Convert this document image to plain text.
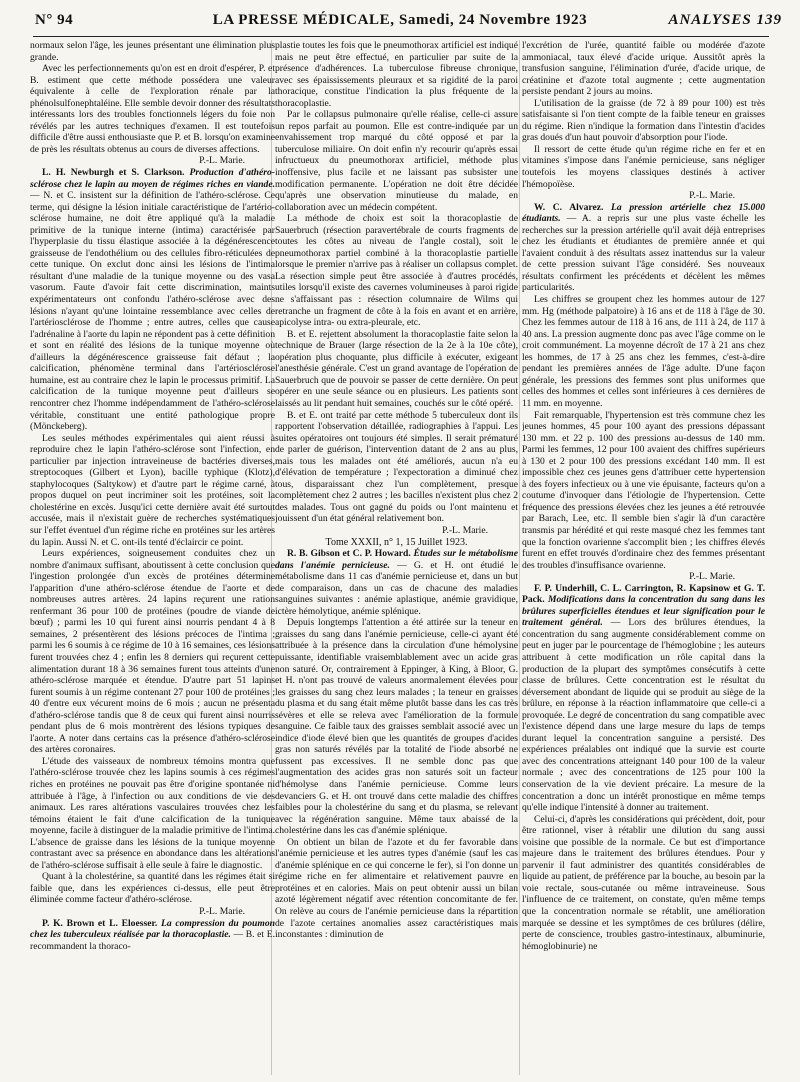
N° 94	LA PRESSE MÉDICALE, Samedi, 24 Novembre 1923	ANALYSES 139

normaux selon l'âge, les jeunes présentant une élimination plus grande.

Avec les perfectionnements qu'on est en droit d'espérer, P. et B. estiment que cette méthode possédera une valeur équivalente à celle de l'exploration rénale par la phénolsulfonephtaléine. Elle semble devoir donner des résultats intéressants lors des troubles fonctionnels légers du foie non révélés par les autres techniques d'examen. Il est toutefois difficile d'être aussi enthousiaste que P. et B. lorsqu'on examine de près les résultats obtenus au cours de diverses affections.

P.-L. Marie.

L. H. Newburgh et S. Clarkson. Production d'athéro-sclérose chez le lapin au moyen de régimes riches en viande. — N. et C. insistent sur la définition de l'athéro-sclérose. Ce terme, qui désigne la lésion initiale caractéristique de l'artério-sclérose humaine, ne doit être appliqué qu'à la maladie primitive de la tunique interne (intima) caractérisée par l'hyperplasie du tissu élastique associée à la dégénérescence graisseuse de l'endothélium ou des cellules fibro-réticulées de cette tunique. On exclut donc ainsi les lésions de l'intima résultant d'une maladie de la tunique moyenne ou des vasa vasorum. Faute d'avoir fait cette discrimination, maints expérimentateurs ont confondu l'athéro-sclérose avec des lésions n'ayant qu'une lointaine ressemblance avec celles de l'artériosclérose de l'homme ; entre autres, celles que cause l'adrénaline à l'aorte du lapin ne répondent pas à cette définition et sont en réalité des lésions de la tunique moyenne où d'ailleurs la dégénérescence graisseuse fait défaut ; la calcification, phénomène terminal dans l'artériosclérose humaine, est au contraire chez le lapin le processus primitif. La calcification de la tunique moyenne peut d'ailleurs se rencontrer chez l'homme indépendamment de l'athéro-sclérose véritable, constituant une entité pathologique propre (Mönckeberg).

Les seules méthodes expérimentales qui aient réussi à reproduire chez le lapin l'athéro-sclérose sont l'infection, en particulier par injection intraveineuse de bactéries diverses, streptocoques (Gilbert et Lyon), bacille typhique (Klotz), staphylocoques (Saltykow) et d'autre part le régime carné, à propos duquel on peut incriminer soit les protéines, soit la cholestérine en excès. Jusqu'ici cette dernière avait été surtout accusée, mais il n'existait guère de recherches systématiques sur l'effet éventuel d'un régime riche en protéines sur les artères du lapin. Aussi N. et C. ont-ils tenté d'éclaircir ce point.

Leurs expériences, soigneusement conduites chez un nombre d'animaux suffisant, aboutissent à cette conclusion que l'ingestion prolongée d'un excès de protéines détermine l'apparition d'une athéro-sclérose étendue de l'aorte et de nombreuses autres artères. 24 lapins reçurent une ration renfermant 36 pour 100 de protéines (poudre de viande de bœuf) ; parmi les 10 qui furent ainsi nourris pendant 4 à 8 semaines, 2 présentèrent des lésions précoces de l'intima ; parmi les 6 soumis à ce régime de 10 à 16 semaines, ces lésions furent trouvées chez 4 ; enfin les 8 derniers qui reçurent cette alimentation durant 18 à 36 semaines furent tous atteints d'une athéro-sclérose marquée et étendue. D'autre part 51 lapins furent soumis à un régime contenant 27 pour 100 de protéines ; 40 d'entre eux vécurent moins de 6 mois ; aucun ne présenta d'athéro-sclérose tandis que 8 de ceux qui furent ainsi nourris pendant plus de 6 mois montrèrent des lésions typiques de l'aorte. A noter dans certains cas la présence d'athéro-sclérose des artères coronaires.

L'étude des vaisseaux de nombreux témoins montra que l'athéro-sclérose trouvée chez les lapins soumis à ces régimes riches en protéines ne pouvait pas être d'origine spontanée ni attribuée à l'âge, à l'infection ou aux conditions de vie des animaux. Les rares altérations vasculaires trouvées chez les témoins étaient le fait d'une calcification de la tunique moyenne, facile à distinguer de la maladie primitive de l'intima. L'absence de graisse dans les lésions de la tunique moyenne contrastant avec sa présence en abondance dans les altérations de l'athéro-sclérose suffisait à elle seule à faire le diagnostic.

Quant à la cholestérine, sa quantité dans les régimes était si faible que, dans les expériences ci-dessus, elle peut être éliminée comme facteur d'athéro-sclérose.

P.-L. Marie.

P. K. Brown et L. Eloesser. La compression du poumon chez les tuberculeux réalisée par la thoracoplastie. — B. et E. recommandent la thoraco-

plastie toutes les fois que le pneumothorax artificiel est indiqué mais ne peut être effectué, en particulier par suite de la présence d'adhérences. La tuberculose fibreuse chronique, avec ses épaississements pleuraux et sa rigidité de la paroi thoracique, constitue l'indication la plus fréquente de la thoracoplastie.

Par le collapsus pulmonaire qu'elle réalise, celle-ci assure un repos parfait au poumon. Elle est contre-indiquée par un envahissement trop marqué du côté opposé et par la tuberculose miliaire. On doit enfin n'y recourir qu'après essai infructueux du pneumothorax artificiel, méthode plus inoffensive, plus facile et ne laissant pas subsister une modification permanente. L'opération ne doit être décidée qu'après une observation minutieuse du malade, en collaboration avec un médecin compétent.

La méthode de choix est soit la thoracoplastie de Sauerbruch (résection paravertébrale de courts fragments de toutes les côtes au niveau de l'angle costal), soit le pneumothorax partiel combiné à la thoracoplastie partielle lorsque le premier n'arrive pas à réaliser un collapsus complet. La résection simple peut être associée à d'autres procédés, utiles lorsqu'il existe des cavernes volumineuses à paroi rigide ne s'affaissant pas : résection columnaire de Wilms qui retranche un fragment de côte à la fois en avant et en arrière, apicolyse intra- ou extra-pleurale, etc.

B. et E. rejettent absolument la thoracoplastie faite selon la technique de Brauer (large résection de la 2e à la 10e côte), opération plus choquante, plus difficile à exécuter, exigeant l'anesthésie générale. C'est un grand avantage de l'opération de Sauerbruch que de pouvoir se passer de cette dernière. On peut opérer en une seule séance ou en plusieurs. Les patients sont laissés au lit pendant huit semaines, couchés sur le côté opéré.

B. et E. ont traité par cette méthode 5 tuberculeux dont ils rapportent l'observation détaillée, radiographies à l'appui. Les suites opératoires ont toujours été simples. Il serait prématuré de parler de guérison, l'intervention datant de 2 ans au plus, mais tous les malades ont été améliorés, aucun n'a eu d'élévation de température ; l'expectoration a diminué chez tous, disparaissant chez l'un complètement, presque complètement chez 2 autres ; les bacilles n'existent plus chez 2 des malades. Tous ont gagné du poids ou l'ont maintenu et jouissent d'un état général relativement bon.

P.-L. Marie.

Tome XXXII, n° 1, 15 Juillet 1923.

R. B. Gibson et C. P. Howard. Études sur le métabolisme dans l'anémie pernicieuse. — G. et H. ont étudié le métabolisme dans 11 cas d'anémie pernicieuse et, dans un but de comparaison, dans un cas de chacune des maladies sanguines suivantes : anémie aplastique, anémie gravidique, ictère hémolytique, anémie splénique.

Depuis longtemps l'attention a été attirée sur la teneur en graisses du sang dans l'anémie pernicieuse, celle-ci ayant été attribuée à la présence dans la circulation d'une hémolysine puissante, identifiable vraisemblablement avec un acide gras non saturé. Or, contrairement à Eppinger, à King, à Bloor, G. et H. n'ont pas trouvé de valeurs anormalement élevées pour les graisses du sang chez leurs malades ; la teneur en graisses du plasma et du sang était même plutôt basse dans les cas très sévères et elle se releva avec l'amélioration de la formule sanguine. Ce faible taux des graisses semblait associé avec un indice d'iode élevé bien que les quantités de groupes d'acides gras non saturés révélés par la totalité de l'iode absorbé ne fussent pas excessives. Il ne semble donc pas que l'augmentation des acides gras non saturés soit un facteur d'hémolyse dans l'anémie pernicieuse. Comme leurs devanciers G. et H. ont trouvé dans cette maladie des chiffres faibles pour la cholestérine du sang et du plasma, se relevant avec la régénération sanguine. Même taux abaissé de la cholestérine dans les cas d'anémie splénique.

On obtient un bilan de l'azote et du fer favorable dans l'anémie pernicieuse et les autres types d'anémie (sauf les cas d'anémie splénique en ce qui concerne le fer), si l'on donne un régime riche en fer alimentaire et relativement pauvre en protéines et en calories. Mais on peut obtenir aussi un bilan azoté légèrement négatif avec rétention concomitante de fer. On relève au cours de l'anémie pernicieuse dans la répartition de l'azote certaines anomalies assez caractéristiques mais inconstantes : diminution de

l'excrétion de l'urée, quantité faible ou modérée d'azote ammoniacal, taux élevé d'acide urique. Aussitôt après la transfusion sanguine, l'élimination d'urée, d'acide urique, de créatinine et d'azote total augmente ; cette augmentation persiste pendant 2 jours au moins.

L'utilisation de la graisse (de 72 à 89 pour 100) est très satisfaisante si l'on tient compte de la faible teneur en graisses du régime. Rien n'indique la formation dans l'intestin d'acides gras doués d'un haut pouvoir d'absorption pour l'iode.

Il ressort de cette étude qu'un régime riche en fer et en vitamines s'impose dans l'anémie pernicieuse, sans négliger toutefois les moyens classiques destinés à activer l'hémopoïèse.

P.-L. Marie.

W. C. Alvarez. La pression artérielle chez 15.000 étudiants. — A. a repris sur une plus vaste échelle les recherches sur la pression artérielle qu'il avait déjà entreprises chez les étudiants et étudiantes de première année et qui l'avaient conduit à des résultats assez inattendus sur la valeur de cette pression suivant l'âge considéré. Ses nouveaux résultats confirment les précédents et décèlent les mêmes particularités.

Les chiffres se groupent chez les hommes autour de 127 mm. Hg (méthode palpatoire) à 16 ans et de 118 à l'âge de 30. Chez les femmes autour de 118 à 16 ans, de 111 à 24, de 117 à 40 ans. La pression augmente donc pas avec l'âge comme on le croit communément. La moyenne décroît de 17 à 21 ans chez les hommes, de 17 à 25 ans chez les femmes, c'est-à-dire pendant les premières années de l'âge adulte. D'une façon générale, les pressions des femmes sont plus uniformes que celles des hommes et celles sont inférieures à ces dernières de 11 mm. en moyenne.

Fait remarquable, l'hypertension est très commune chez les jeunes hommes, 45 pour 100 ayant des pressions dépassant 130 mm. et 22 p. 100 des pressions au-dessus de 140 mm. Parmi les femmes, 12 pour 100 avaient des chiffres supérieurs à 130 et 2 pour 100 des pressions excédant 140 mm. Il est impossible chez ces jeunes gens d'attribuer cette hypertension à des foyers infectieux ou à une vie épuisante, facteurs qu'on a coutume d'invoquer dans l'étiologie de l'hypertension. Cette fréquence des pressions élevées chez les jeunes a été retrouvée par Barach, Lee, etc. Il semble bien s'agir là d'un caractère transmis par hérédité et qui reste masqué chez les femmes tant que la fonction ovarienne s'accomplit bien ; les chiffres élevés furent en effet trouvés d'ordinaire chez des femmes présentant des troubles d'insuffisance ovarienne.

P.-L. Marie.

F. P. Underhill, C. L. Carrington, R. Kapsinow et G. T. Pack. Modifications dans la concentration du sang dans les brûlures superficielles étendues et leur signification pour le traitement général. — Lors des brûlures étendues, la concentration du sang augmente considérablement comme on peut en juger par le pourcentage de l'hémoglobine ; les auteurs attribuent à cette modification un rôle capital dans la production de la plupart des symptômes consécutifs à cette classe de brûlures. Cette concentration est le résultat du déversement abondant de liquide qui se produit au siège de la brûlure, en réponse à la réaction inflammatoire que celle-ci a provoquée. Le degré de concentration du sang compatible avec l'existence dépend dans une large mesure du laps de temps durant lequel la concentration sanguine a persisté. Des expériences préalables ont indiqué que la survie est courte avec des concentrations atteignant 140 pour 100 de la valeur normale ; avec des concentrations de 125 pour 100 la conservation de la vie devient précaire. La mesure de la concentration a donc un intérêt pronostique en même temps qu'elle indique l'intensité à donner au traitement.

Celui-ci, d'après les considérations qui précèdent, doit, pour être rationnel, viser à rétablir une dilution du sang aussi voisine que possible de la normale. Ce but est d'importance majeure dans le traitement des brûlures étendues. Pour y parvenir il faut administrer des quantités considérables de liquide au patient, de préférence par la bouche, au besoin par la voie rectale, sous-cutanée ou même intraveineuse. Sous l'influence de ce traitement, on constate, qu'en même temps que la concentration normale se rétablit, une amélioration marquée se dessine et les symptômes de ces brûlures (délire, perte de conscience, troubles gastro-intestinaux, albuminurie, hémoglobinurie) ne
